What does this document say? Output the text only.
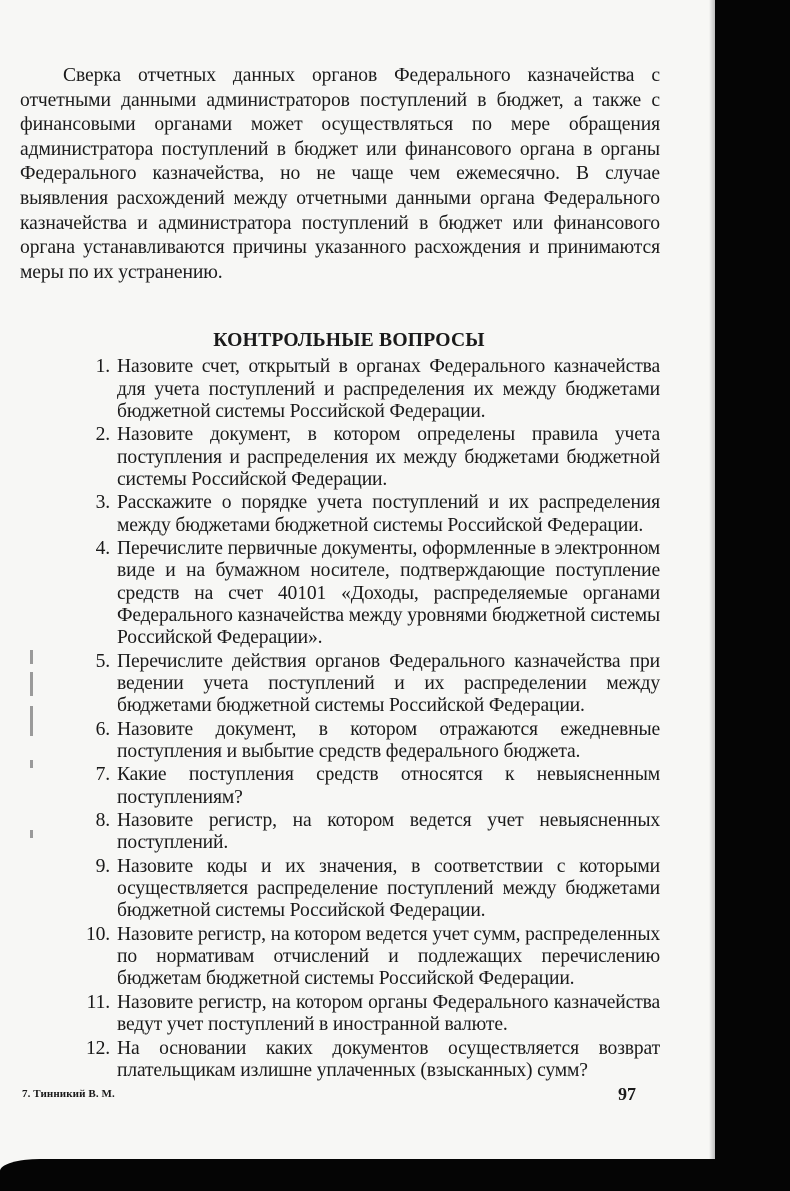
Сверка отчетных данных органов Федерального казначейства с отчетными данными администраторов поступлений в бюджет, а также с финансовыми органами может осуществляться по мере обращения администратора поступлений в бюджет или финансового органа в органы Федерального казначейства, но не чаще чем ежемесячно. В случае выявления расхождений между отчетными данными органа Федерального казначейства и администратора поступлений в бюджет или финансового органа устанавливаются причины указанного расхождения и принимаются меры по их устранению.

КОНТРОЛЬНЫЕ ВОПРОСЫ
1. Назовите счет, открытый в органах Федерального казначейства для учета поступлений и распределения их между бюджетами бюджетной системы Российской Федерации.
2. Назовите документ, в котором определены правила учета поступления и распределения их между бюджетами бюджетной системы Российской Федерации.
3. Расскажите о порядке учета поступлений и их распределения между бюджетами бюджетной системы Российской Федерации.
4. Перечислите первичные документы, оформленные в электронном виде и на бумажном носителе, подтверждающие поступление средств на счет 40101 «Доходы, распределяемые органами Федерального казначейства между уровнями бюджетной системы Российской Федерации».
5. Перечислите действия органов Федерального казначейства при ведении учета поступлений и их распределении между бюджетами бюджетной системы Российской Федерации.
6. Назовите документ, в котором отражаются ежедневные поступления и выбытие средств федерального бюджета.
7. Какие поступления средств относятся к невыясненным поступлениям?
8. Назовите регистр, на котором ведется учет невыясненных поступлений.
9. Назовите коды и их значения, в соответствии с которыми осуществляется распределение поступлений между бюджетами бюджетной системы Российской Федерации.
10. Назовите регистр, на котором ведется учет сумм, распределенных по нормативам отчислений и подлежащих перечислению бюджетам бюджетной системы Российской Федерации.
11. Назовите регистр, на котором органы Федерального казначейства ведут учет поступлений в иностранной валюте.
12. На основании каких документов осуществляется возврат плательщикам излишне уплаченных (взысканных) сумм?
7. Тинникий В. М.	97
